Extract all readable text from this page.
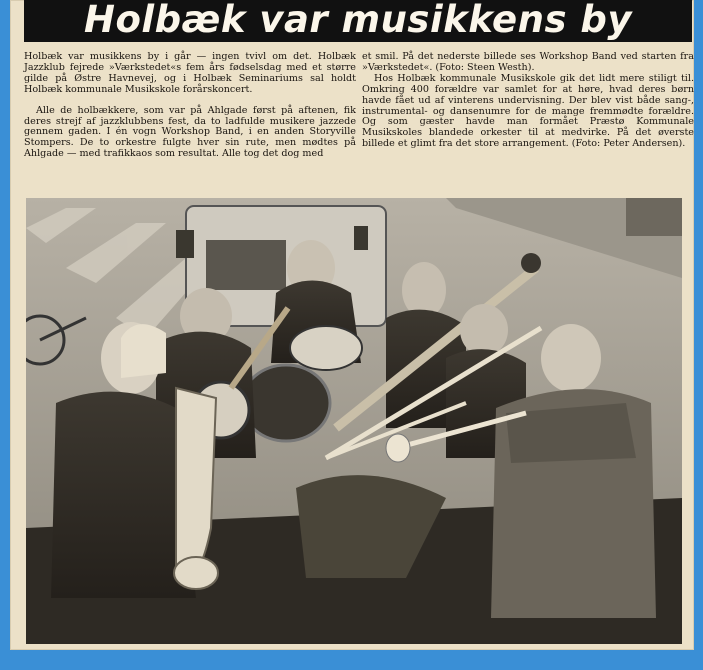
Holbæk var musikkens by

Holbæk var musikkens by i går — ingen tvivl om det. Holbæk Jazzklub fejrede »Værkstedet«s fem års fødselsdag med et større gilde på Østre Havnevej, og i Holbæk Seminariums sal holdt Holbæk kommunale Musikskole forårskoncert.

Alle de holbækkere, som var på Ahlgade først på aftenen, fik deres strejf af jazzklubbens fest, da to ladfulde musikere jazzede gennem gaden. I én vogn Workshop Band, i en anden Storyville Stompers. De to orkestre fulgte hver sin rute, men mødtes på Ahlgade — med trafikkaos som resultat. Alle tog det dog med

et smil. På det nederste billede ses Workshop Band ved starten fra »Værkstedet«. (Foto: Steen Westh).

Hos Holbæk kommunale Musikskole gik det lidt mere stiligt til. Omkring 400 forældre var samlet for at høre, hvad deres børn havde fået ud af vinterens undervisning. Der blev vist både sang-, instrumental- og dansenumre for de mange fremmødte forældre. Og som gæster havde man formået Præstø Kommunale Musikskoles blandede orkester til at medvirke. På det øverste billede et glimt fra det store arrangement. (Foto: Peter Andersen).
